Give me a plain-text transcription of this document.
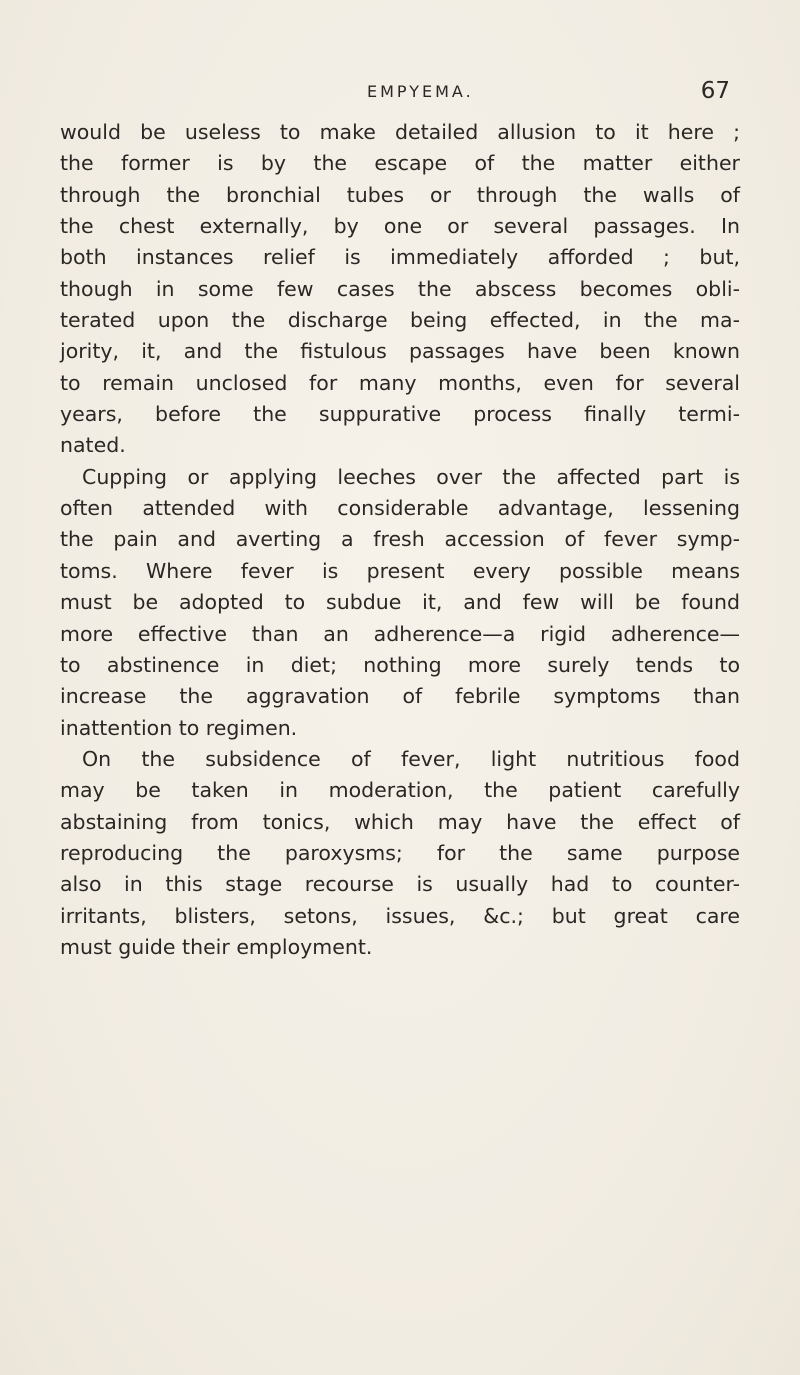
EMPYEMA.	67
would be useless to make detailed allusion to it here ;
the former is by the escape of the matter either
through the bronchial tubes or through the walls of
the chest externally, by one or several passages. In
both instances relief is immediately afforded ; but,
though in some few cases the abscess becomes obli-
terated upon the discharge being effected, in the ma-
jority, it, and the fistulous passages have been known
to remain unclosed for many months, even for several
years, before the suppurative process finally termi-
nated.
Cupping or applying leeches over the affected part is
often attended with considerable advantage, lessening
the pain and averting a fresh accession of fever symp-
toms. Where fever is present every possible means
must be adopted to subdue it, and few will be found
more effective than an adherence—a rigid adherence—
to abstinence in diet; nothing more surely tends to
increase the aggravation of febrile symptoms than
inattention to regimen.
On the subsidence of fever, light nutritious food
may be taken in moderation, the patient carefully
abstaining from tonics, which may have the effect of
reproducing the paroxysms; for the same purpose
also in this stage recourse is usually had to counter-
irritants, blisters, setons, issues, &c.; but great care
must guide their employment.
